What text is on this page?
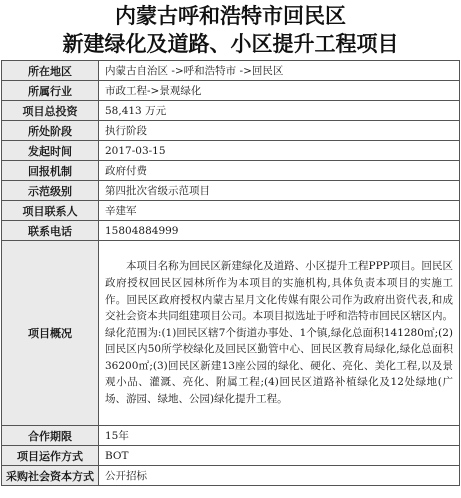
内蒙古呼和浩特市回民区
新建绿化及道路、小区提升工程项目
所在地区	内蒙古自治区 ->呼和浩特市 ->回民区
所属行业	市政工程->景观绿化
项目总投资	58,413 万元
所处阶段	执行阶段
发起时间	2017-03-15
回报机制	政府付费
示范级别	第四批次省级示范项目
项目联系人	辛建军
联系电话	15804884999
项目概况	本项目名称为回民区新建绿化及道路、小区提升工程PPP项目。回民区政府授权回民区园林所作为本项目的实施机构,具体负责本项目的实施工作。回民区政府授权内蒙古星月文化传媒有限公司作为政府出资代表,和成交社会资本共同组建项目公司。本项目拟选址于呼和浩特市回民区辖区内。绿化范围为:(1)回民区辖7个街道办事处、1个镇,绿化总面积141280㎡;(2)回民区内50所学校绿化及回民区勤管中心、回民区教育局绿化,绿化总面积36200㎡;(3)回民区新建13座公园的绿化、硬化、亮化、美化工程,以及景观小品、灌溉、亮化、附属工程;(4)回民区道路补植绿化及12处绿地(广场、游园、绿地、公园)绿化提升工程。

合作期限	15年
项目运作方式	BOT
采购社会资本方式	公开招标
